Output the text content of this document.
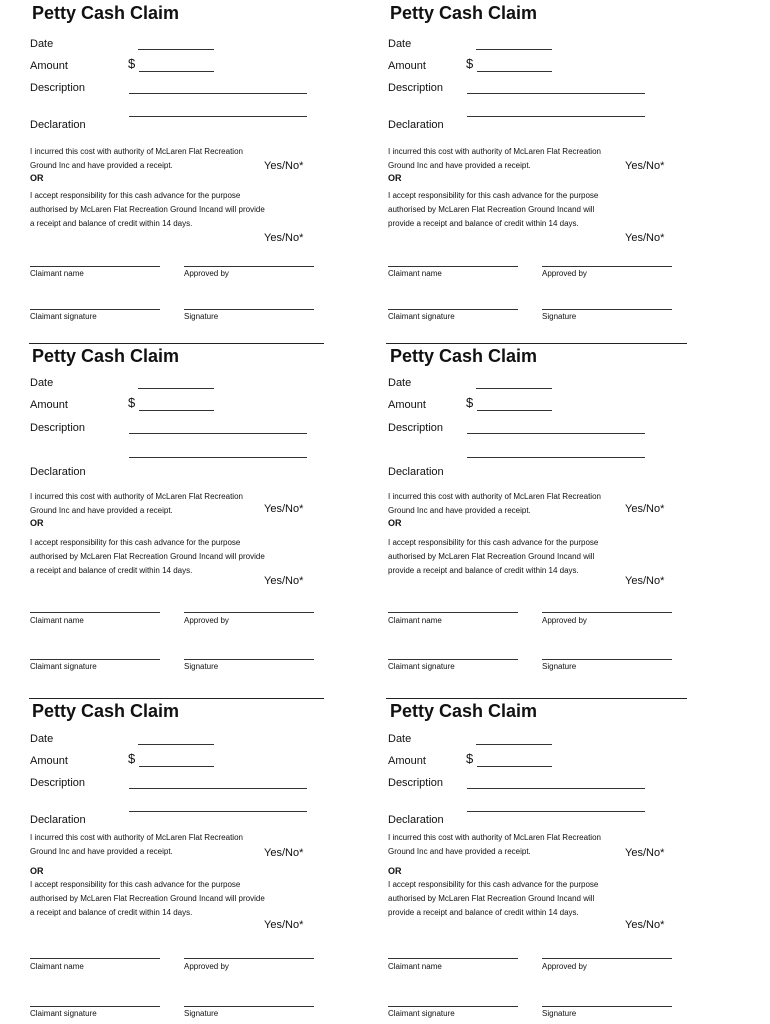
Petty Cash Claim
Date
Amount	$
Description
Declaration
I incurred this cost with authority of McLaren Flat Recreation Ground Inc and have provided a receipt.	Yes/No*
OR
I accept responsibility for this cash advance for the purpose authorised by McLaren Flat Recreation Ground Incand will provide a receipt and balance of credit within 14 days.
Yes/No*
Claimant name	Approved by
Claimant signature	Signature
Petty Cash Claim
Date
Amount	$
Description
Declaration
I incurred this cost with authority of McLaren Flat Recreation Ground Inc and have provided a receipt.	Yes/No*
OR
I accept responsibility for this cash advance for the purpose authorised by McLaren Flat Recreation Ground Incand will provide a receipt and balance of credit within 14 days.
Yes/No*
Claimant name	Approved by
Claimant signature	Signature
Petty Cash Claim
Date
Amount	$
Description
Declaration
I incurred this cost with authority of McLaren Flat Recreation Ground Inc and have provided a receipt.	Yes/No*
OR
I accept responsibility for this cash advance for the purpose authorised by McLaren Flat Recreation Ground Incand will provide a receipt and balance of credit within 14 days.
Yes/No*
Claimant name	Approved by
Claimant signature	Signature
Petty Cash Claim
Date
Amount	$
Description
Declaration
I incurred this cost with authority of McLaren Flat Recreation Ground Inc and have provided a receipt.	Yes/No*
OR
I accept responsibility for this cash advance for the purpose authorised by McLaren Flat Recreation Ground Incand will provide a receipt and balance of credit within 14 days.
Yes/No*
Claimant name	Approved by
Claimant signature	Signature
Petty Cash Claim
Date
Amount	$
Description
Declaration
I incurred this cost with authority of McLaren Flat Recreation Ground Inc and have provided a receipt.	Yes/No*
OR
I accept responsibility for this cash advance for the purpose authorised by McLaren Flat Recreation Ground Incand will provide a receipt and balance of credit within 14 days.
Yes/No*
Claimant name	Approved by
Claimant signature	Signature
Petty Cash Claim
Date
Amount	$
Description
Declaration
I incurred this cost with authority of McLaren Flat Recreation Ground Inc and have provided a receipt.	Yes/No*
OR
I accept responsibility for this cash advance for the purpose authorised by McLaren Flat Recreation Ground Incand will provide a receipt and balance of credit within 14 days.
Yes/No*
Claimant name	Approved by
Claimant signature	Signature
